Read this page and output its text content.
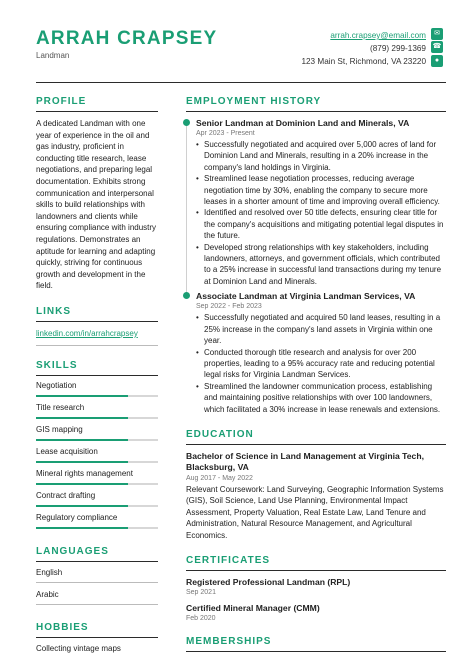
ARRAH CRAPSEY
Landman
arrah.crapsey@email.com
(879) 299-1369
123 Main St, Richmond, VA 23220
✉
☎
●
PROFILE
A dedicated Landman with one year of experience in the oil and gas industry, proficient in conducting title research, lease negotiations, and preparing legal documentation. Exhibits strong communication and interpersonal skills to build relationships with landowners and clients while ensuring compliance with industry regulations. Demonstrates an aptitude for learning and adapting quickly, striving for continuous growth and development in the field.
LINKS
linkedin.com/in/arrahcrapsey
SKILLS
Negotiation
Title research
GIS mapping
Lease acquisition
Mineral rights management
Contract drafting
Regulatory compliance
LANGUAGES
English
Arabic
HOBBIES
Collecting vintage maps
EMPLOYMENT HISTORY
Senior Landman at Dominion Land and Minerals, VA
Apr 2023 - Present
• Successfully negotiated and acquired over 5,000 acres of land for Dominion Land and Minerals, resulting in a 20% increase in the company's land holdings in Virginia.
• Streamlined lease negotiation processes, reducing average negotiation time by 30%, enabling the company to secure more leases in a shorter amount of time and improving overall efficiency.
• Identified and resolved over 50 title defects, ensuring clear title for the company's acquisitions and mitigating potential legal disputes in the future.
• Developed strong relationships with key stakeholders, including landowners, attorneys, and government officials, which contributed to a 25% increase in successful land transactions during my tenure at Dominion Land and Minerals.
Associate Landman at Virginia Landman Services, VA
Sep 2022 - Feb 2023
• Successfully negotiated and acquired 50 land leases, resulting in a 25% increase in the company's land assets in Virginia within one year.
• Conducted thorough title research and analysis for over 200 properties, leading to a 95% accuracy rate and reducing potential legal risks for Virginia Landman Services.
• Streamlined the landowner communication process, establishing and maintaining positive relationships with over 100 landowners, which facilitated a 30% increase in lease renewals and extensions.
EDUCATION
Bachelor of Science in Land Management at Virginia Tech, Blacksburg, VA
Aug 2017 - May 2022
Relevant Coursework: Land Surveying, Geographic Information Systems (GIS), Soil Science, Land Use Planning, Environmental Impact Assessment, Property Valuation, Real Estate Law, Land Tenure and Administration, Natural Resource Management, and Agricultural Economics.
CERTIFICATES
Registered Professional Landman (RPL)
Sep 2021
Certified Mineral Manager (CMM)
Feb 2020
MEMBERSHIPS
